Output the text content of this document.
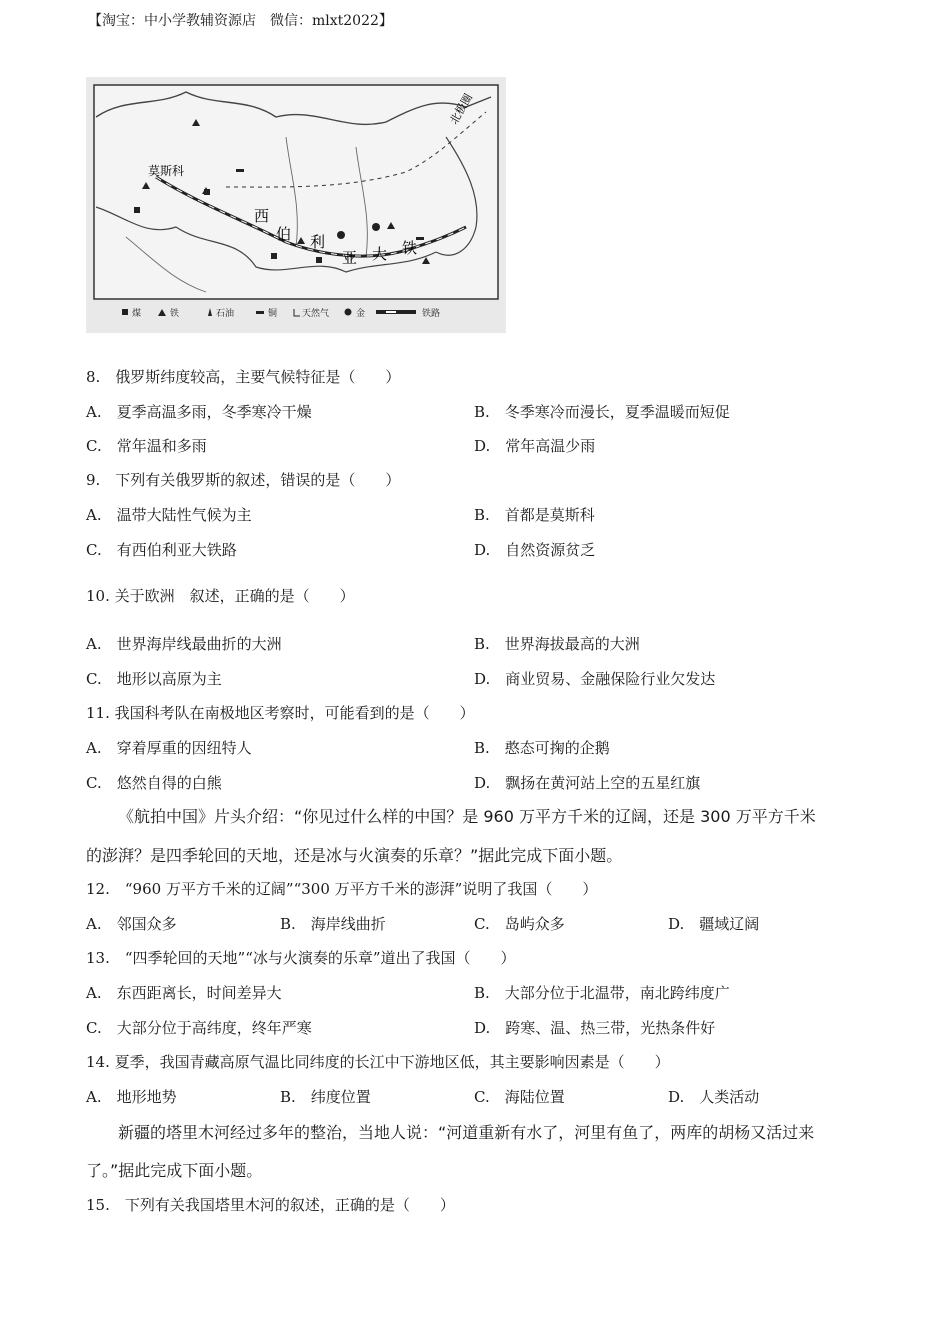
【淘宝：中小学教辅资源店　微信：mlxt2022】
莫斯科
西
伯 利
亚 大 铁
北极圈
煤	铁	石油	铜	天然气	金	铁路
8.　俄罗斯纬度较高，主要气候特征是（　　）
A.　夏季高温多雨，冬季寒冷干燥	B.　冬季寒冷而漫长，夏季温暖而短促
C.　常年温和多雨	D.　常年高温少雨
9.　下列有关俄罗斯的叙述，错误的是（　　）
A.　温带大陆性气候为主	B.　首都是莫斯科
C.　有西伯利亚大铁路	D.　自然资源贫乏
10. 关于欧洲　叙述，正确的是（　　）
A.　世界海岸线最曲折的大洲	B.　世界海拔最高的大洲
C.　地形以高原为主	D.　商业贸易、金融保险行业欠发达
11. 我国科考队在南极地区考察时，可能看到的是（　　）
A.　穿着厚重的因纽特人	B.　憨态可掬的企鹅
C.　悠然自得的白熊	D.　飘扬在黄河站上空的五星红旗
《航拍中国》片头介绍：“你见过什么样的中国？是 960 万平方千米的辽阔，还是 300 万平方千米
的澎湃？是四季轮回的天地，还是冰与火演奏的乐章？”据此完成下面小题。
12.　“960 万平方千米的辽阔”“300 万平方千米的澎湃”说明了我国（　　）
A.　邻国众多	B.　海岸线曲折	C.　岛屿众多	D.　疆域辽阔
13.　“四季轮回的天地”“冰与火演奏的乐章”道出了我国（　　）
A.　东西距离长，时间差异大	B.　大部分位于北温带，南北跨纬度广
C.　大部分位于高纬度，终年严寒	D.　跨寒、温、热三带，光热条件好
14. 夏季，我国青藏高原气温比同纬度的长江中下游地区低，其主要影响因素是（　　）
A.　地形地势	B.　纬度位置	C.　海陆位置	D.　人类活动
新疆的塔里木河经过多年的整治，当地人说：“河道重新有水了，河里有鱼了，两库的胡杨又活过来
了。”据此完成下面小题。
15.　下列有关我国塔里木河的叙述，正确的是（　　）
